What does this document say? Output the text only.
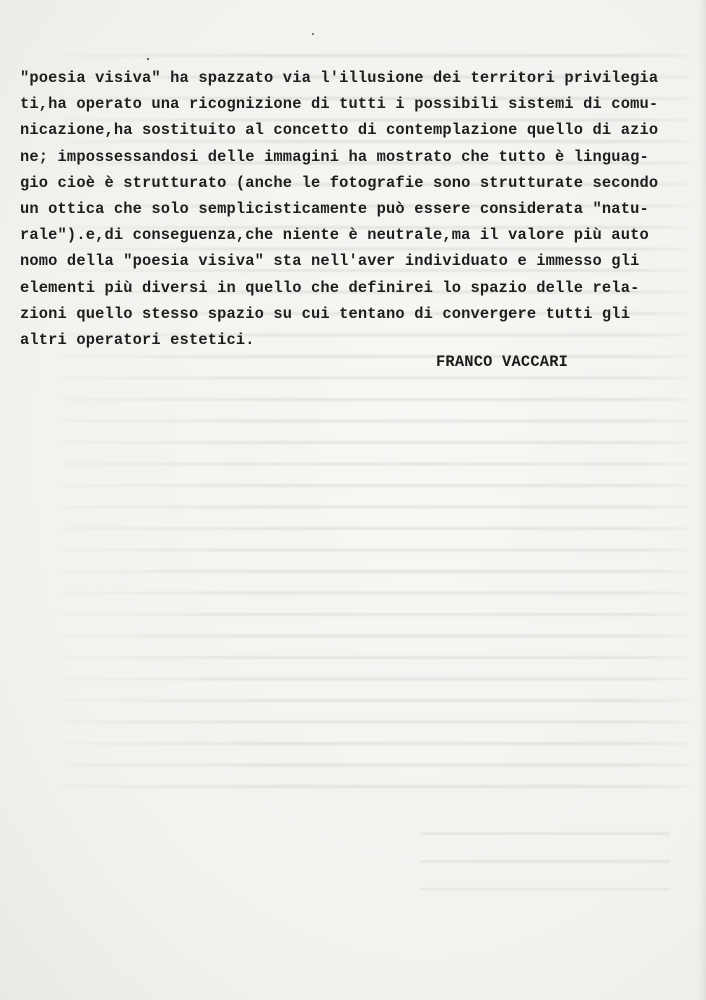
"poesia visiva" ha spazzato via l'illusione dei territori privilegia
ti,ha operato una ricognizione di tutti i possibili sistemi di comu-
nicazione,ha sostituito al concetto di contemplazione quello di azio
ne; impossessandosi delle immagini ha mostrato che tutto è linguag-
gio cioè è strutturato (anche le fotografie sono strutturate secondo
un ottica che solo semplicisticamente può essere considerata "natu-
rale").e,di conseguenza,che niente è neutrale,ma il valore più auto
nomo della "poesia visiva" sta nell'aver individuato e immesso gli
elementi più diversi in quello che definirei lo spazio delle rela-
zioni quello stesso spazio su cui tentano di convergere tutti gli
altri operatori estetici.
FRANCO VACCARI
